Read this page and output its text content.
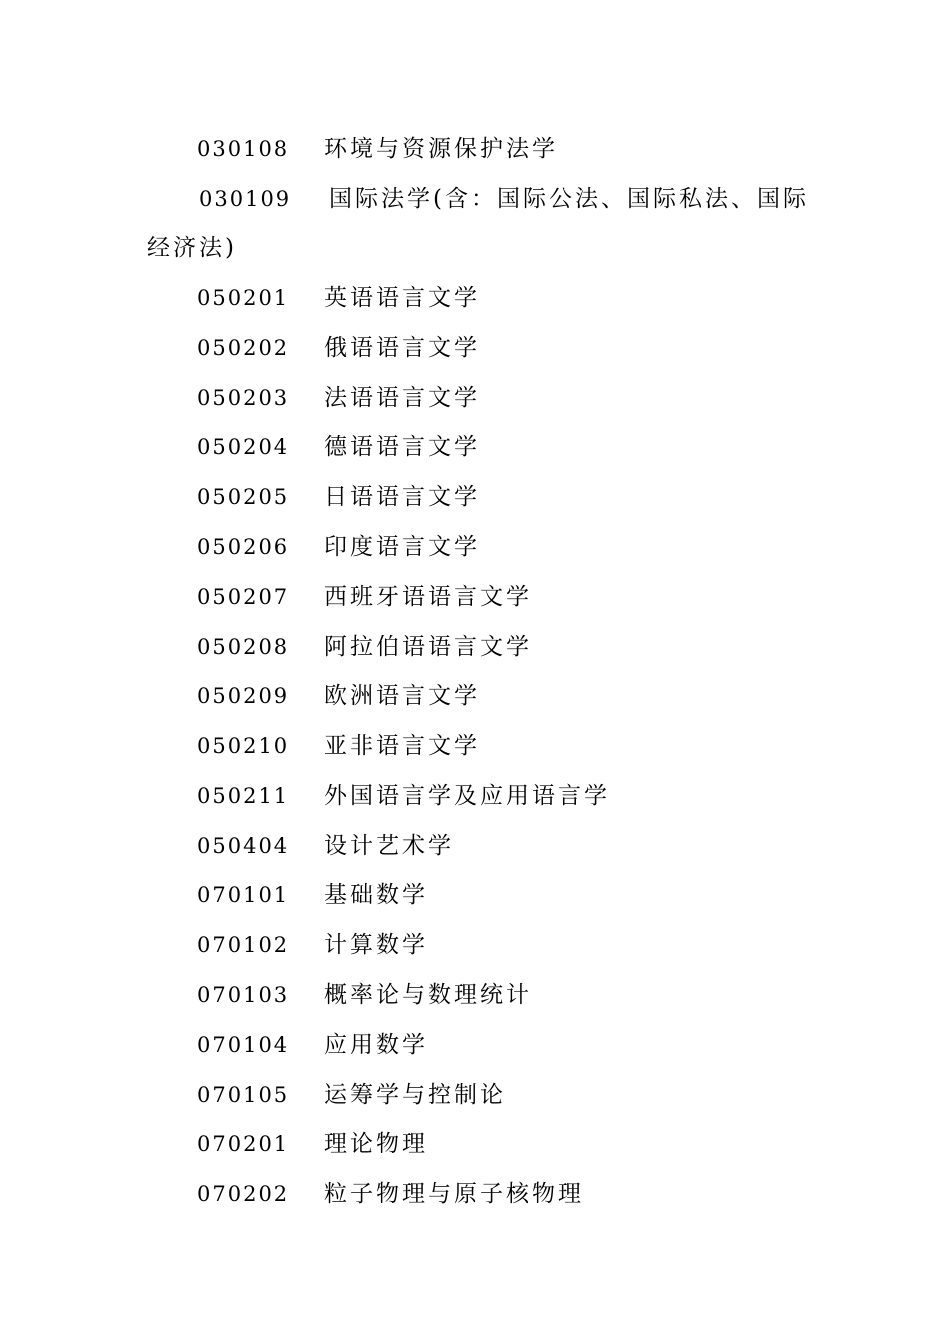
030108 环境与资源保护法学
030109 国际法学(含：国际公法、国际私法、国际
经济法)
050201 英语语言文学
050202 俄语语言文学
050203 法语语言文学
050204 德语语言文学
050205 日语语言文学
050206 印度语言文学
050207 西班牙语语言文学
050208 阿拉伯语语言文学
050209 欧洲语言文学
050210 亚非语言文学
050211 外国语言学及应用语言学
050404 设计艺术学
070101 基础数学
070102 计算数学
070103 概率论与数理统计
070104 应用数学
070105 运筹学与控制论
070201 理论物理
070202 粒子物理与原子核物理
